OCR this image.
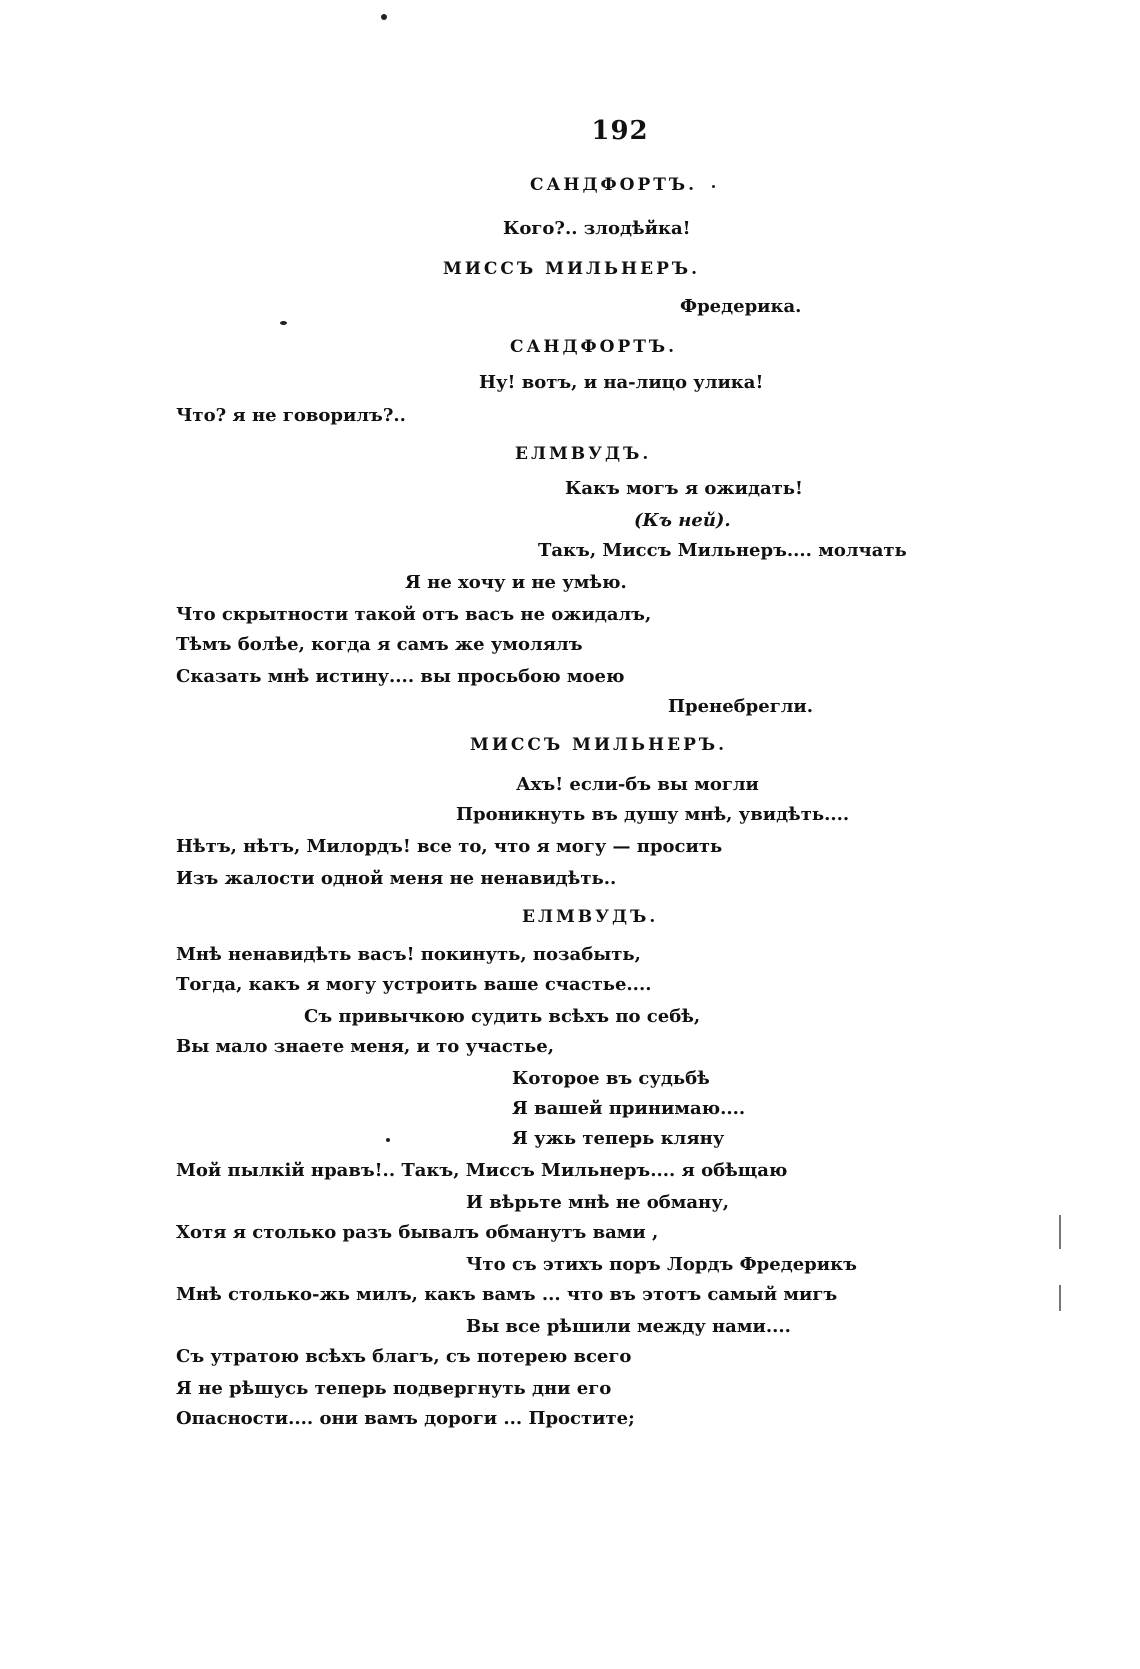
192
САНДФОРТЪ.
Кого?.. злодѣйка!
МИССЪ МИЛЬНЕРЪ.
Фредерика.
САНДФОРТЪ.
Ну! вотъ, и на-лицо улика!
Что? я не говорилъ?..
ЕЛМВУДЪ.
Какъ могъ я ожидать!
(Къ ней).
Такъ, Миссъ Мильнеръ.... молчать
Я не хочу и не умѣю.
Что скрытности такой отъ васъ не ожидалъ,
Тѣмъ болѣе, когда я самъ же умолялъ
Сказать мнѣ истину.... вы просьбою моею
Пренебрегли.
МИССЪ МИЛЬНЕРЪ.
Ахъ! если-бъ вы могли
Проникнуть въ душу мнѣ, увидѣть....
Нѣтъ, нѣтъ, Милордъ! все то, что я могу — просить
Изъ жалости одной меня не ненавидѣть..
ЕЛМВУДЪ.
Мнѣ ненавидѣть васъ! покинуть, позабыть,
Тогда, какъ я могу устроить ваше счастье....
Съ привычкою судить всѣхъ по себѣ,
Вы мало знаете меня, и то участье,
Которое въ судьбѣ
Я вашей принимаю....
Я ужь теперь кляну
Мой пылкій нравъ!.. Такъ, Миссъ Мильнеръ.... я обѣщаю
И вѣрьте мнѣ не обману,
Хотя я столько разъ бывалъ обманутъ вами ,
Что съ этихъ поръ Лордъ Фредерикъ
Мнѣ столько-жь милъ, какъ вамъ ... что въ этотъ самый мигъ
Вы все рѣшили между нами....
Съ утратою всѣхъ благъ, съ потерею всего
Я не рѣшусь теперь подвергнуть дни его
Опасности.... они вамъ дороги ... Простите;
